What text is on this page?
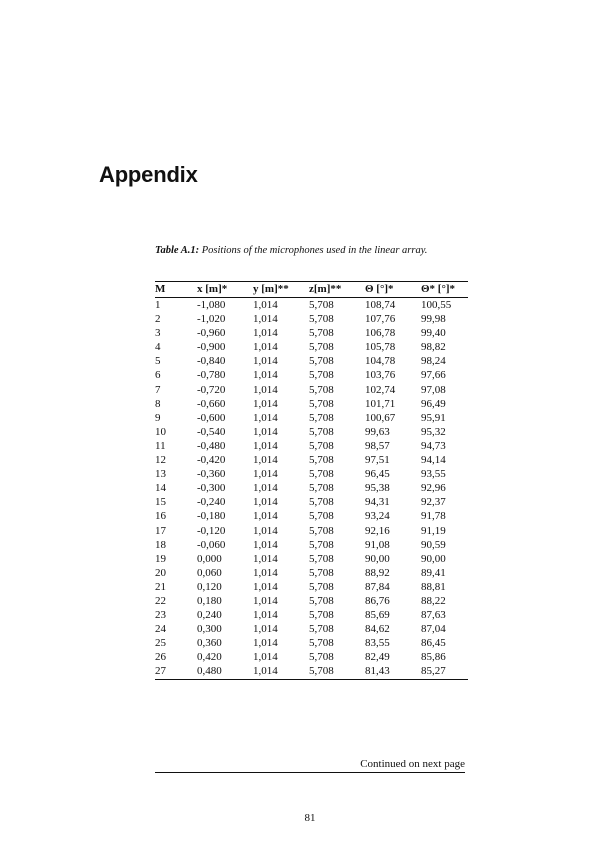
Appendix
Table A.1: Positions of the microphones used in the linear array.
M	x [m]*	y [m]**	z[m]**	Θ [°]*	Θ* [°]*
1	-1,080	1,014	5,708	108,74	100,55
2	-1,020	1,014	5,708	107,76	99,98
3	-0,960	1,014	5,708	106,78	99,40
4	-0,900	1,014	5,708	105,78	98,82
5	-0,840	1,014	5,708	104,78	98,24
6	-0,780	1,014	5,708	103,76	97,66
7	-0,720	1,014	5,708	102,74	97,08
8	-0,660	1,014	5,708	101,71	96,49
9	-0,600	1,014	5,708	100,67	95,91
10	-0,540	1,014	5,708	99,63	95,32
11	-0,480	1,014	5,708	98,57	94,73
12	-0,420	1,014	5,708	97,51	94,14
13	-0,360	1,014	5,708	96,45	93,55
14	-0,300	1,014	5,708	95,38	92,96
15	-0,240	1,014	5,708	94,31	92,37
16	-0,180	1,014	5,708	93,24	91,78
17	-0,120	1,014	5,708	92,16	91,19
18	-0,060	1,014	5,708	91,08	90,59
19	0,000	1,014	5,708	90,00	90,00
20	0,060	1,014	5,708	88,92	89,41
21	0,120	1,014	5,708	87,84	88,81
22	0,180	1,014	5,708	86,76	88,22
23	0,240	1,014	5,708	85,69	87,63
24	0,300	1,014	5,708	84,62	87,04
25	0,360	1,014	5,708	83,55	86,45
26	0,420	1,014	5,708	82,49	85,86
27	0,480	1,014	5,708	81,43	85,27
Continued on next page
81
